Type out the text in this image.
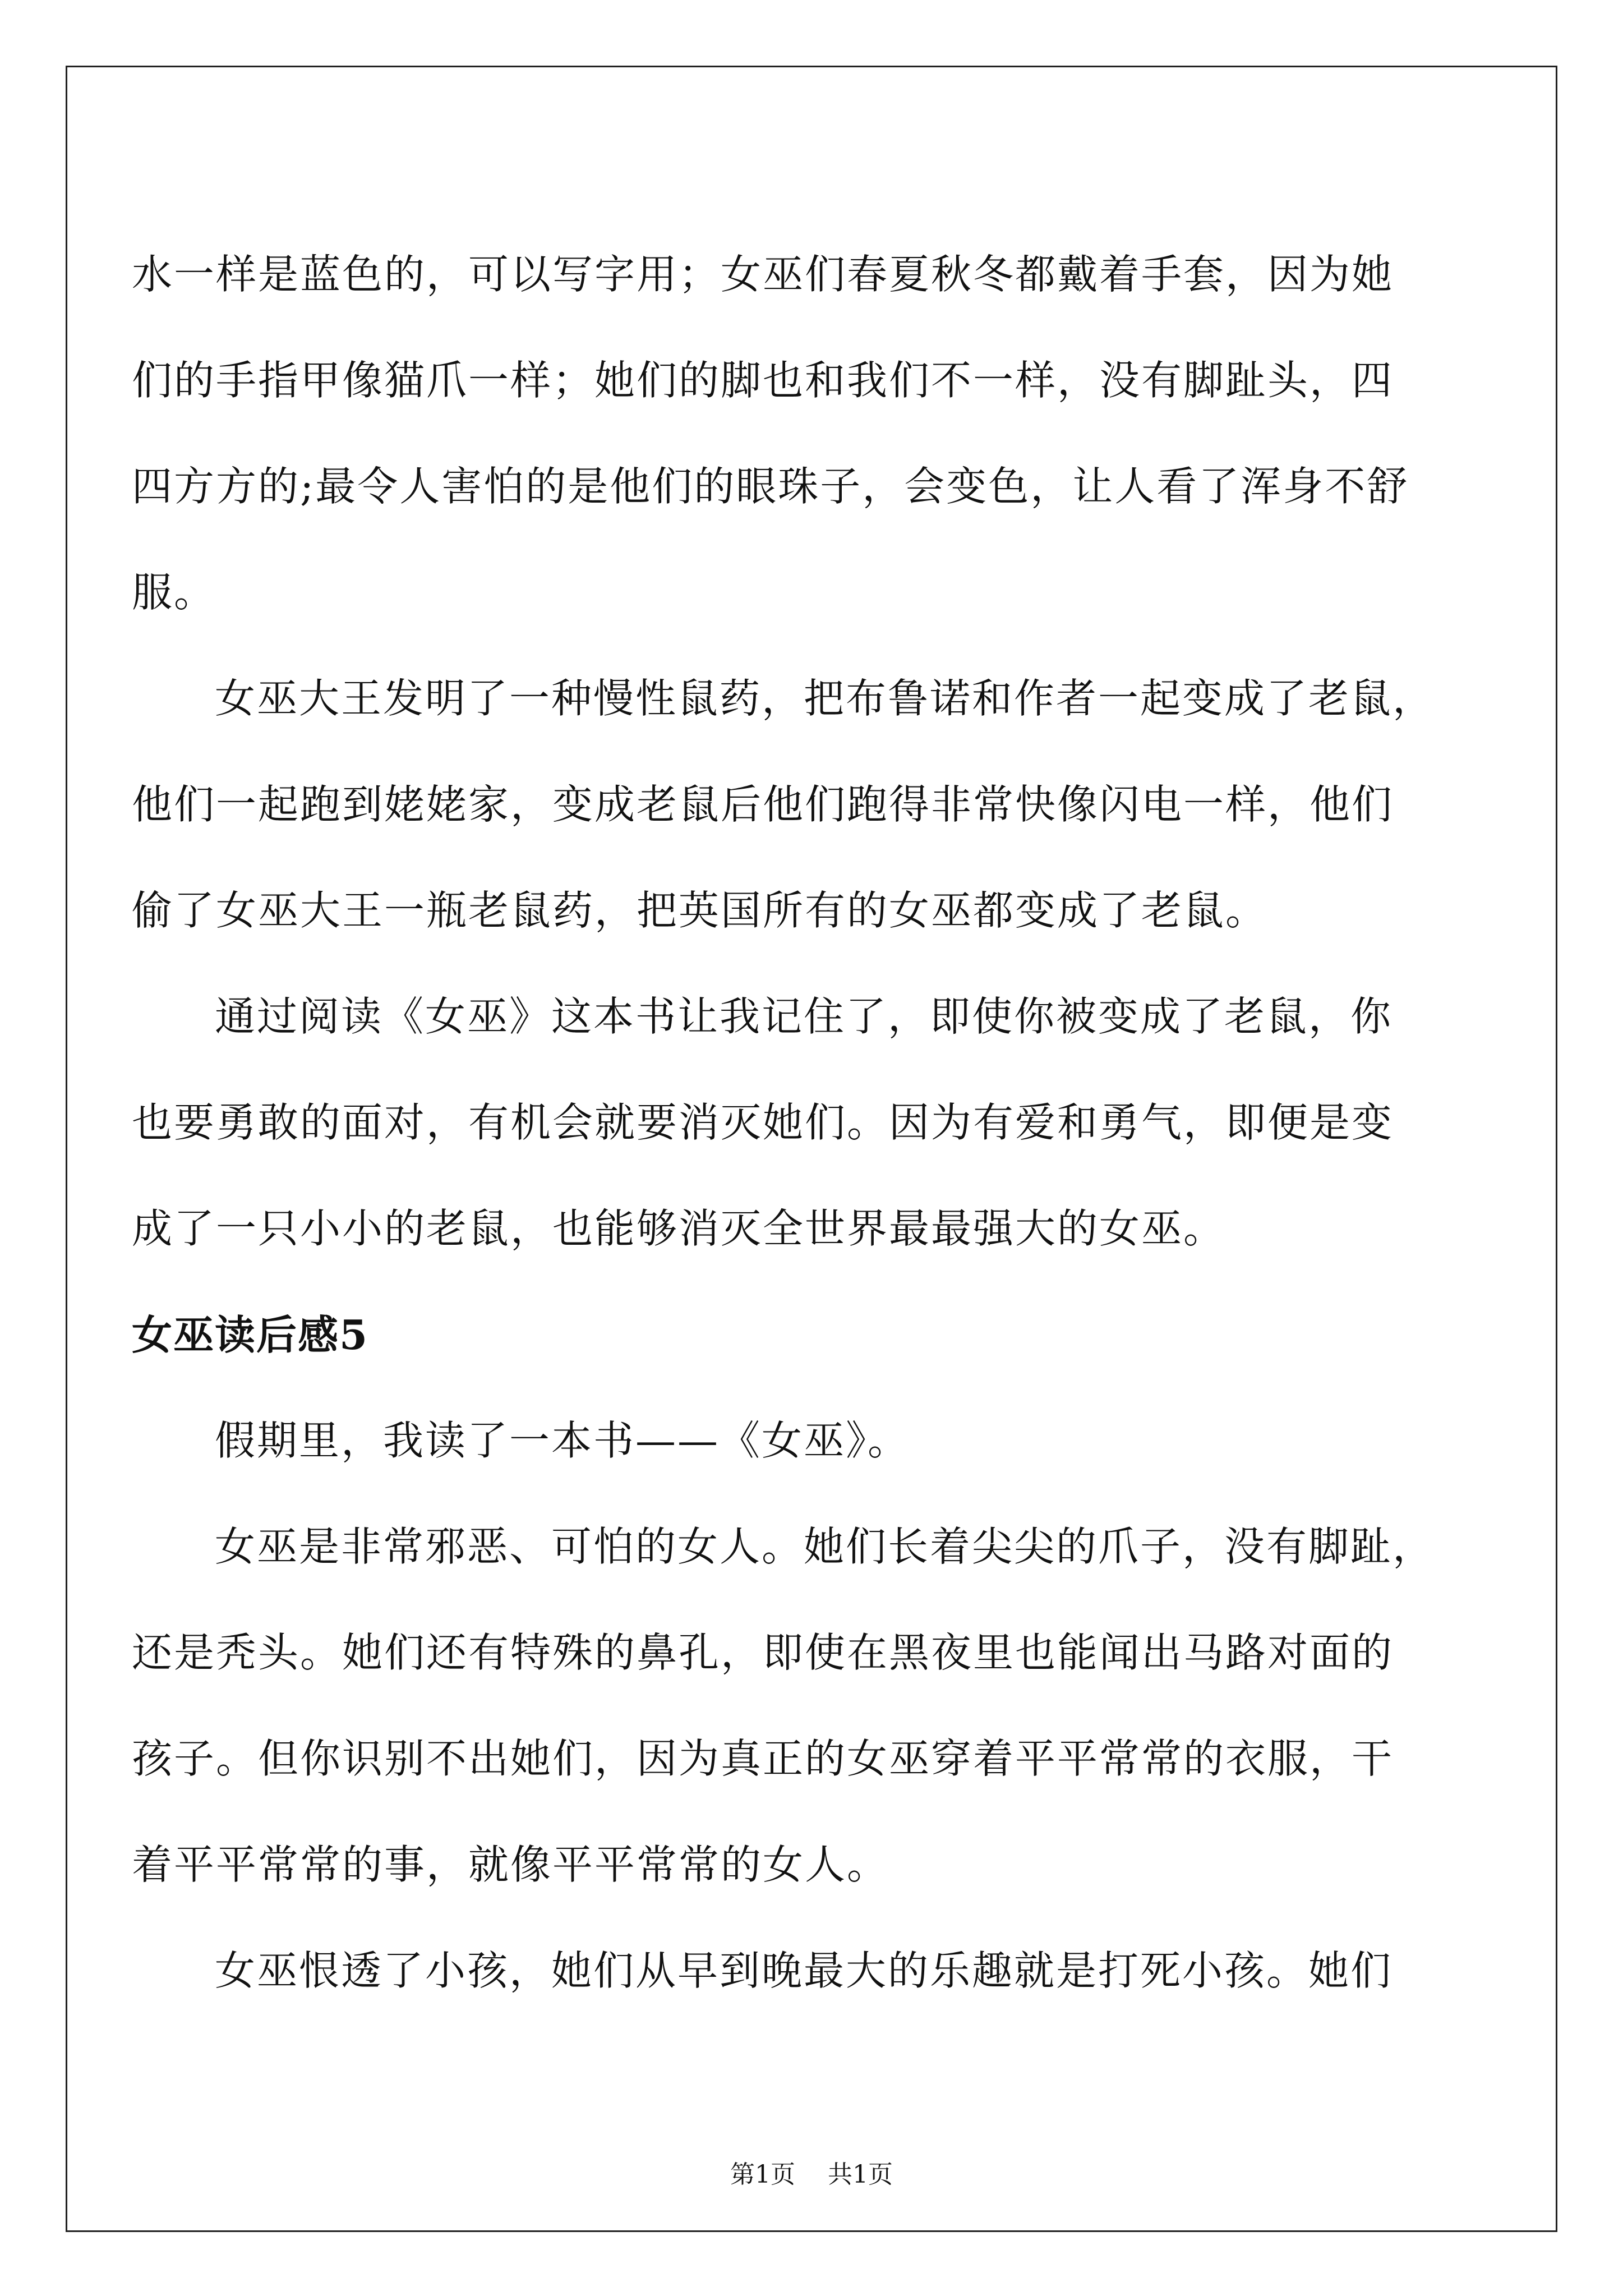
水一样是蓝色的，可以写字用；女巫们春夏秋冬都戴着手套，因为她
们的手指甲像猫爪一样；她们的脚也和我们不一样，没有脚趾头，四
四方方的;最令人害怕的是他们的眼珠子，会变色，让人看了浑身不舒
服。

女巫大王发明了一种慢性鼠药，把布鲁诺和作者一起变成了老鼠，
他们一起跑到姥姥家，变成老鼠后他们跑得非常快像闪电一样，他们
偷了女巫大王一瓶老鼠药，把英国所有的女巫都变成了老鼠。

通过阅读《女巫》这本书让我记住了，即使你被变成了老鼠，你
也要勇敢的面对，有机会就要消灭她们。因为有爱和勇气，即便是变
成了一只小小的老鼠，也能够消灭全世界最最强大的女巫。

女巫读后感5

假期里，我读了一本书——《女巫》。

女巫是非常邪恶、可怕的女人。她们长着尖尖的爪子，没有脚趾，
还是秃头。她们还有特殊的鼻孔，即使在黑夜里也能闻出马路对面的
孩子。但你识别不出她们，因为真正的女巫穿着平平常常的衣服，干
着平平常常的事，就像平平常常的女人。

女巫恨透了小孩，她们从早到晚最大的乐趣就是打死小孩。她们

第1页 共1页
